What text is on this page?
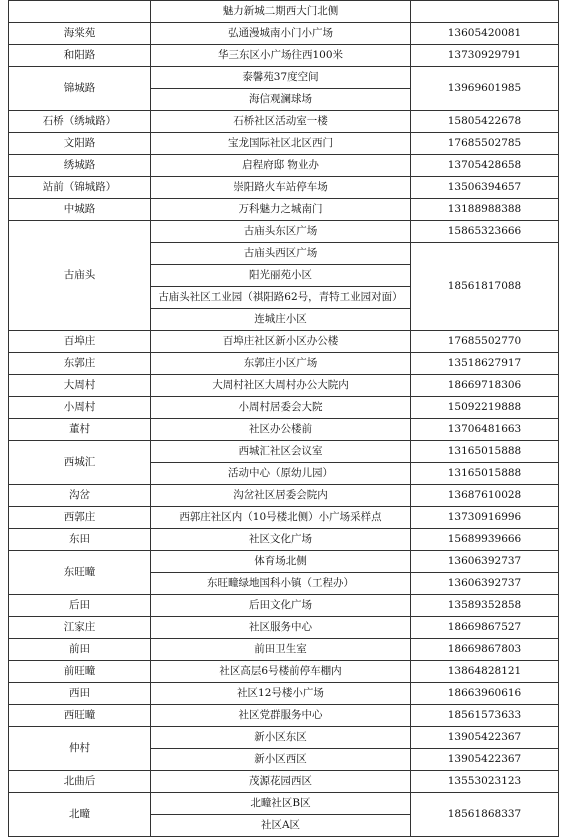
	魅力新城二期西大门北侧	
海棠苑	弘通漫城南小门小广场	13605420081
和阳路	华三东区小广场往西100米	13730929791
锦城路	泰馨苑37度空间	13969601985
	海信观澜球场	
石桥（绣城路）	石桥社区活动室一楼	15805422678
文阳路	宝龙国际社区北区西门	17685502785
绣城路	启程府邸 物业办	13705428658
站前（锦城路）	崇阳路火车站停车场	13506394657
中城路	万科魅力之城南门	13188988388
古庙头	古庙头东区广场	15865323666
	古庙头西区广场	18561817088
	阳光丽苑小区	
	古庙头社区工业园（祺阳路62号，青特工业园对面）	

	连城庄小区	
百埠庄	百埠庄社区新小区办公楼	17685502770
东郭庄	东郭庄小区广场	13518627917
大周村	大周村社区大周村办公大院内	18669718306
小周村	小周村居委会大院	15092219888
董村	社区办公楼前	13706481663
西城汇	西城汇社区会议室	13165015888
	活动中心（原幼儿园）	13165015888
沟岔	沟岔社区居委会院内	13687610028
西郭庄	西郭庄社区内（10号楼北侧）小广场采样点	13730916996

东田	社区文化广场	15689939666
东旺疃	体育场北侧	13606392737
	东旺疃绿地国科小镇（工程办）	13606392737
后田	后田文化广场	13589352858
江家庄	社区服务中心	18669867527
前田	前田卫生室	18669867803
前旺疃	社区高层6号楼前停车棚内	13864828121
西田	社区12号楼小广场	18663960616
西旺疃	社区党群服务中心	18561573633
仲村	新小区东区	13905422367
	新小区西区	13905422367
北曲后	茂源花园西区	13553023123
北疃	北疃社区B区	18561868337
	社区A区	
